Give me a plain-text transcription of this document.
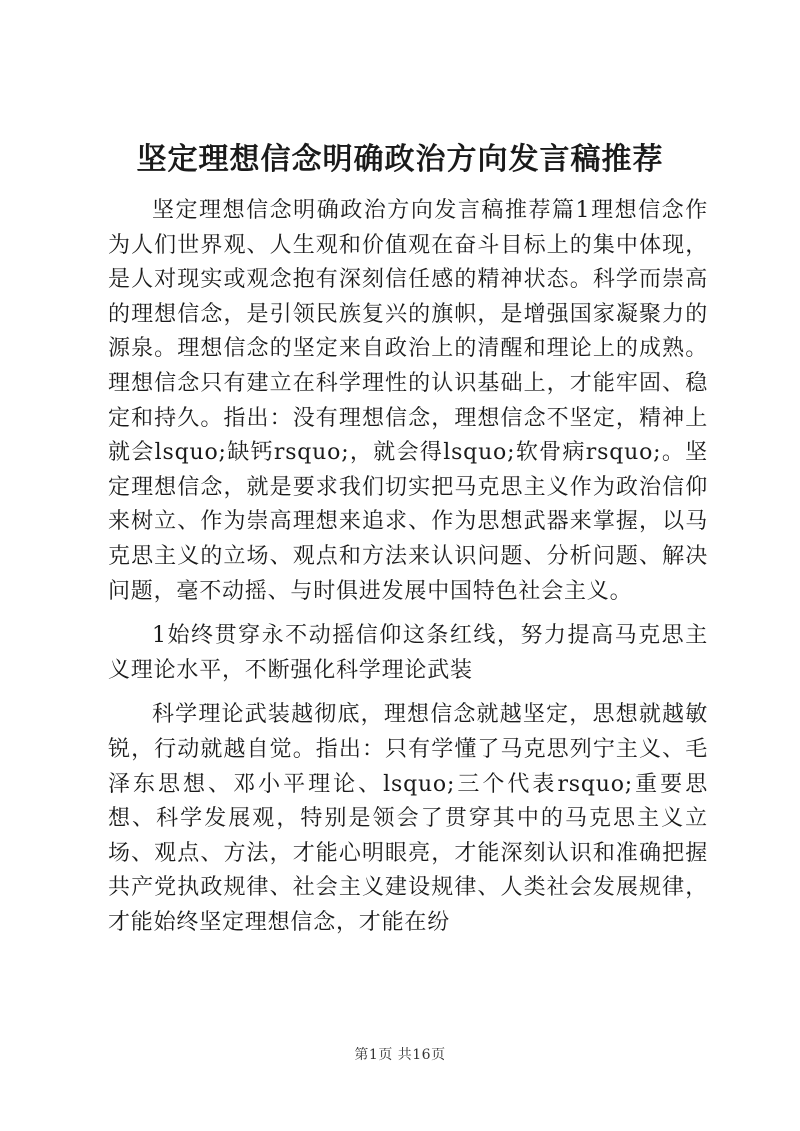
坚定理想信念明确政治方向发言稿推荐

坚定理想信念明确政治方向发言稿推荐篇1理想信念作为人们世界观、人生观和价值观在奋斗目标上的集中体现，是人对现实或观念抱有深刻信任感的精神状态。科学而崇高的理想信念，是引领民族复兴的旗帜，是增强国家凝聚力的源泉。理想信念的坚定来自政治上的清醒和理论上的成熟。理想信念只有建立在科学理性的认识基础上，才能牢固、稳定和持久。指出：没有理想信念，理想信念不坚定，精神上就会lsquo;缺钙rsquo;，就会得lsquo;软骨病rsquo;。坚定理想信念，就是要求我们切实把马克思主义作为政治信仰来树立、作为崇高理想来追求、作为思想武器来掌握，以马克思主义的立场、观点和方法来认识问题、分析问题、解决问题，毫不动摇、与时俱进发展中国特色社会主义。

1始终贯穿永不动摇信仰这条红线，努力提高马克思主义理论水平，不断强化科学理论武装

科学理论武装越彻底，理想信念就越坚定，思想就越敏锐，行动就越自觉。指出：只有学懂了马克思列宁主义、毛泽东思想、邓小平理论、lsquo;三个代表rsquo;重要思想、科学发展观，特别是领会了贯穿其中的马克思主义立场、观点、方法，才能心明眼亮，才能深刻认识和准确把握共产党执政规律、社会主义建设规律、人类社会发展规律，才能始终坚定理想信念，才能在纷

第1页 共16页
